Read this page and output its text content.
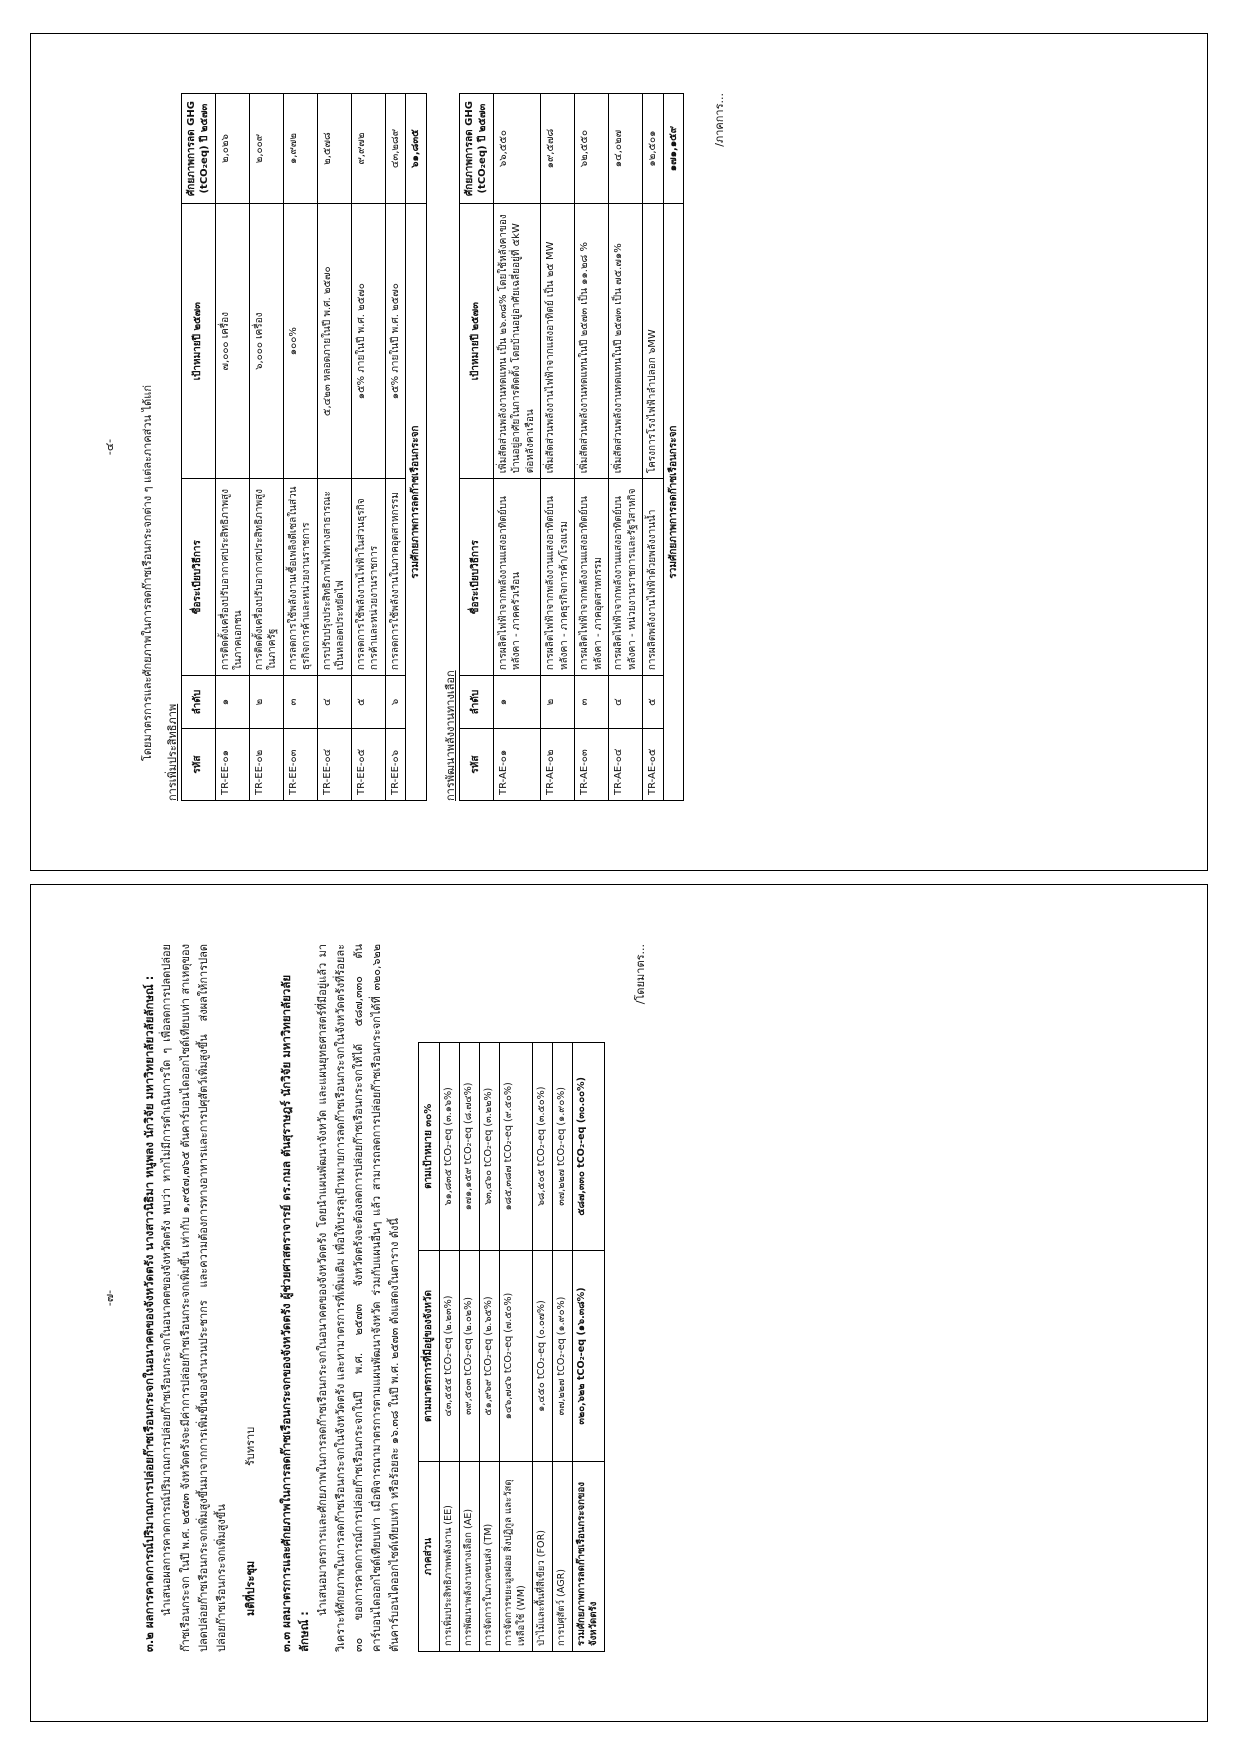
-๔- โดยมาตรการและศักยภาพในการลดก๊าซเรือนกระจกต่าง ๆ แต่ละภาคส่วน ได้แก่ การเพิ่มประสิทธิภาพ รหัส	ลำดับ	ชื่อระเบียบวิธีการ	เป้าหมายปี ๒๕๗๓	ศักยภาพการลด GHG (tCO₂eq) ปี ๒๕๗๓
TR-EE-๐๑	๑	การติดตั้งเครื่องปรับอากาศประสิทธิภาพสูงในภาคเอกชน	๗,๐๐๐ เครื่อง	๒,๐๒๖
TR-EE-๐๒	๒	การติดตั้งเครื่องปรับอากาศประสิทธิภาพสูงในภาครัฐ	๖,๐๐๐ เครื่อง	๒,๐๐๙
TR-EE-๐๓	๓	การลดการใช้พลังงานเชื้อเพลิงดีเซลในส่วนธุรกิจการค้าและหน่วยงานราชการ	๑๐๐%	๑,๙๗๒
TR-EE-๐๔	๔	การปรับปรุงประสิทธิภาพไฟทางสาธารณะเป็นหลอดประหยัดไฟ	๕,๔๒๓ หลอดภายในปี พ.ศ. ๒๕๗๐	๒,๕๗๘
TR-EE-๐๕	๕	การลดการใช้พลังงานไฟฟ้าในส่วนธุรกิจการค้าและหน่วยงานราชการ	๑๕% ภายในปี พ.ศ. ๒๕๗๐	๙,๙๗๒
TR-EE-๐๖	๖	การลดการใช้พลังงานในภาคอุตสาหกรรม	๑๕% ภายในปี พ.ศ. ๒๕๗๐	๔๓,๒๘๙
รวมศักยภาพการลดก๊าซเรือนกระจก				๖๑,๘๓๕

การพัฒนาพลังงานทางเลือก รหัส	ลำดับ	ชื่อระเบียบวิธีการ	เป้าหมายปี ๒๕๗๓	ศักยภาพการลด GHG (tCO₂eq) ปี ๒๕๗๓
TR-AE-๐๑	๑	การผลิตไฟฟ้าจากพลังงานแสงอาทิตย์บนหลังคา - ภาคครัวเรือน	เพิ่มสัดส่วนพลังงานทดแทน เป็น ๒๖.๓๘% โดยใช้หลังคาของบ้านอยู่อาศัยในการติดตั้ง โดยบ้านอยู่อาศัยเฉลี่ยอยู่ที่ ๕kW ต่อหลังคาเรือน	๖๖,๕๕๐
TR-AE-๐๒	๒	การผลิตไฟฟ้าจากพลังงานแสงอาทิตย์บนหลังคา - ภาคธุรกิจการค้า/โรงแรม	เพิ่มสัดส่วนพลังงานไฟฟ้าจากแสงอาทิตย์ เป็น ๒๕ MW	๑๙,๕๗๘
TR-AE-๐๓	๓	การผลิตไฟฟ้าจากพลังงานแสงอาทิตย์บนหลังคา - ภาคอุตสาหกรรม	เพิ่มสัดส่วนพลังงานทดแทนในปี ๒๕๗๓ เป็น ๑๑.๒๘ %	๖๒,๕๕๐
TR-AE-๐๔	๔	การผลิตไฟฟ้าจากพลังงานแสงอาทิตย์บนหลังคา - หน่วยงานราชการและรัฐวิสาหกิจ	เพิ่มสัดส่วนพลังงานทดแทนในปี ๒๕๗๓ เป็น ๗๕.๗๑%	๑๔,๐๒๗
TR-AE-๐๕	๕	การผลิตพลังงานไฟฟ้าด้วยพลังงานน้ำ	โครงการโรงไฟฟ้าลำปลอก ๖MW	๑๒,๕๐๑
รวมศักยภาพการลดก๊าซเรือนกระจก				๑๗๑,๑๕๙

/ภาคการ...

-๗- ๓.๒ ผลการคาดการณ์ปริมาณการปล่อยก๊าซเรือนกระจกในอนาคตของจังหวัดตรัง นางสาวนิธิมา หนูพลง นักวิจัย มหาวิทยาลัยวลัยลักษณ์ : นำเสนอผลการคาดการณ์ปริมาณการปล่อยก๊าซเรือนกระจกในอนาคตของจังหวัดตรัง พบว่า หากไม่มีการดำเนินการใด ๆ เพื่อลดการปลดปล่อยก๊าซเรือนกระจก ในปี พ.ศ. ๒๕๗๓ จังหวัดตรังจะมีค่าการปล่อยก๊าซเรือนกระจกเพิ่มขึ้น เท่ากับ ๑,๙๕๗,๗๖๕ ตันคาร์บอนไดออกไซด์เทียบเท่า สาเหตุของปลดปล่อยก๊าซเรือนกระจกเพิ่มสูงขึ้นมาจากการเพิ่มขึ้นของจำนวนประชากร และความต้องการทางอาหารและการปศุสัตว์เพิ่มสูงขึ้น ส่งผลให้การปลดปล่อยก๊าซเรือนกระจกเพิ่มสูงขึ้น มติที่ประชุม
รับทราบ ๓.๓ ผลมาตรการและศักยภาพในการลดก๊าซเรือนกระจกของจังหวัดตรัง ผู้ช่วยศาสตราจารย์ ดร.กมล ตันสุราษฎร์ นักวิจัย มหาวิทยาลัยวลัยลักษณ์ :

นำเสนอมาตรการและศักยภาพในการลดก๊าซเรือนกระจกในอนาคตของจังหวัดตรัง โดยนำแผนพัฒนาจังหวัด และแผนยุทธศาสตร์ที่มีอยู่แล้ว มาวิเคราะห์ศักยภาพในการลดก๊าซเรือนกระจกในจังหวัดตรัง และหามาตรการที่เพิ่มเติม เพื่อให้บรรลุเป้าหมายการลดก๊าซเรือนกระจกในจังหวัดตรังที่ร้อยละ ๓๐ ของการคาดการณ์การปล่อยก๊าซเรือนกระจกในปี พ.ศ. ๒๕๗๓ จังหวัดตรังจะต้องลดการปล่อยก๊าซเรือนกระจกให้ได้ ๕๘๗,๓๓๐ ตันคาร์บอนไดออกไซด์เทียบเท่า เมื่อพิจารณามาตรการตามแผนพัฒนาจังหวัด ร่วมกับแผนอื่นๆ แล้ว สามารถลดการปล่อยก๊าซเรือนกระจกได้ที่ ๓๒๐,๖๒๒ ตันคาร์บอนไดออกไซด์เทียบเท่า หรือร้อยละ ๑๖.๓๘ ในปี พ.ศ. ๒๕๗๓ ดังแสดงในตาราง ดังนี้	ภาคส่วน	ตามมาตรการที่มีอยู่ของจังหวัด	ตามเป้าหมาย ๓๐%
การเพิ่มประสิทธิภาพพลังงาน (EE)	๔๓,๕๕๕ tCO₂-eq (๒.๒๓%)	๖๑,๘๓๕ tCO₂-eq (๓.๑๖%)
การพัฒนาพลังงานทางเลือก (AE)	๓๙,๕๐๓ tCO₂-eq (๒.๐๒%)	๑๗๑,๑๕๙ tCO₂-eq (๘.๗๔%)
การจัดการในภาคขนส่ง (TM)	๕๑,๙๖๙ tCO₂-eq (๒.๖๕%)	๖๓,๔๖๐ tCO₂-eq (๓.๒๒%)
การจัดการขยะมูลฝอย สิ่งปฏิกูล และวัสดุเหลือใช้ (WM)	๑๔๖,๗๔๖ tCO₂-eq (๗.๕๐%)	๑๘๕,๓๘๗ tCO₂-eq (๙.๕๐%)
ป่าไม้และพื้นที่สีเขียว (FOR)	๑,๔๕๐ tCO₂-eq (๐.๐๗%)	๖๘,๕๐๕ tCO₂-eq (๓.๕๐%)
การปศุสัตว์ (AGR)	๓๗,๒๒๗ tCO₂-eq (๑.๙๐%)	๓๗,๒๒๗ tCO₂-eq (๑.๙๐%)
รวมศักยภาพการลดก๊าซเรือนกระจกของจังหวัดตรัง	๓๒๐,๖๒๒ tCO₂-eq (๑๖.๓๘%)	๕๘๗,๓๓๐ tCO₂-eq (๓๐.๐๐%)

/โดยมาตร...
